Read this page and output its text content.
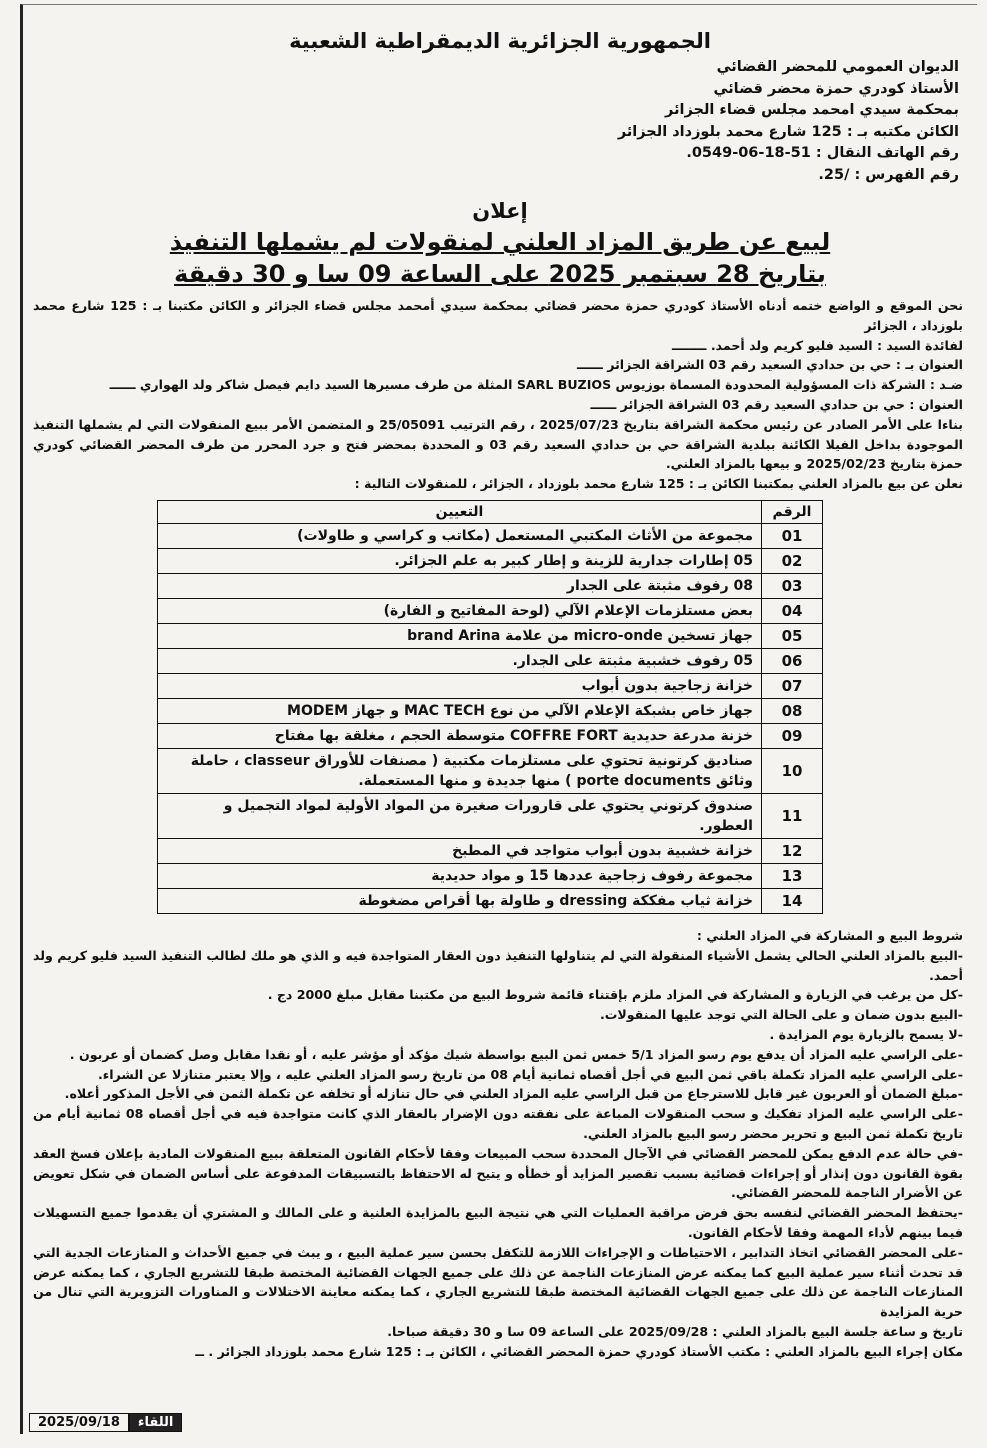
الجمهورية الجزائرية الديمقراطية الشعبية
الديوان العمومي للمحضر القضائي
الأستاذ كودري حمزة محضر قضائي
بمحكمة سيدي امحمد مجلس قضاء الجزائر
الكائن مكتبه بـ : 125 شارع محمد بلوزداد الجزائر
رقم الهاتف النقال : 51-18-06-0549.
رقم الفهرس : /25.
إعلان
لبيع عن طريق المزاد العلني لمنقولات لم يشملها التنفيذ
بتاريخ 28 سبتمبر 2025 على الساعة 09 سا و 30 دقيقة

نحن الموقع و الواضع ختمه أدناه الأستاذ كودري حمزة محضر قضائي بمحكمة سيدي أمحمد مجلس قضاء الجزائر و الكائن مكتبنا بـ : 125 شارع محمد بلوزداد ، الجزائر

لفائدة السيد : السيد فليو كريم ولد أحمد. ــــــــ

العنوان بـ : حي بن حدادي السعيد رقم 03 الشراقة الجزائر ــــــ

ضـد : الشركة ذات المسؤولية المحدودة المسماة بوزيوس SARL BUZIOS المثلة من طرف مسيرها السيد دايم فيصل شاكر ولد الهواري ــــــ

العنوان : حي بن حدادي السعيد رقم 03 الشراقة الجزائر ــــــ

بناءا على الأمر الصادر عن رئيس محكمة الشراقة بتاريخ 2025/07/23 ، رقم الترتيب 25/05091 و المتضمن الأمر ببيع المنقولات التي لم يشملها التنفيذ الموجودة بداخل الفيلا الكائنة ببلدية الشراقة حي بن حدادي السعيد رقم 03 و المحددة بمحضر فتح و جرد المحرر من طرف المحضر القضائي كودري حمزة بتاريخ 2025/02/23 و بيعها بالمزاد العلني.

نعلن عن بيع بالمزاد العلني بمكتبنا الكائن بـ : 125 شارع محمد بلوزداد ، الجزائر ، للمنقولات التالية :

الرقم	التعيين
01	مجموعة من الأثاث المكتبي المستعمل (مكاتب و كراسي و طاولات)
02	05 إطارات جدارية للزينة و إطار كبير به علم الجزائر.
03	08 رفوف مثبتة على الجدار
04	بعض مستلزمات الإعلام الآلي (لوحة المفاتيح و الفارة)
05	جهاز تسخين micro-onde من علامة brand Arina
06	05 رفوف خشبية مثبتة على الجدار.
07	خزانة زجاجية بدون أبواب
08	جهاز خاص بشبكة الإعلام الآلي من نوع MAC TECH و جهاز MODEM
09	خزنة مدرعة حديدية COFFRE FORT متوسطة الحجم ، مغلقة بها مفتاح
10	صناديق كرتونية تحتوي على مستلزمات مكتبية ( مصنفات للأوراق classeur ، حاملة وثائق porte documents ) منها جديدة و منها المستعملة.
11	صندوق كرتوني يحتوي على قارورات صغيرة من المواد الأولية لمواد التجميل و العطور.
12	خزانة خشبية بدون أبواب متواجد في المطبخ
13	مجموعة رفوف زجاجية عددها 15 و مواد حديدية
14	خزانة ثياب مفككة dressing و طاولة بها أقراص مضغوطة

شروط البيع و المشاركة في المزاد العلني :

-البيع بالمزاد العلني الحالي يشمل الأشياء المنقولة التي لم يتناولها التنفيذ دون العقار المتواجدة فيه و الذي هو ملك لطالب التنفيذ السيد فليو كريم ولد أحمد.

-كل من يرغب في الزيارة و المشاركة في المزاد ملزم بإقتناء قائمة شروط البيع من مكتبنا مقابل مبلغ 2000 دج .

-البيع بدون ضمان و على الحالة التي توجد عليها المنقولات.

-لا يسمح بالزيارة يوم المزايدة .

-على الراسي عليه المزاد أن يدفع يوم رسو المزاد 5/1 خمس ثمن البيع بواسطة شيك مؤكد أو مؤشر عليه ، أو نقدا مقابل وصل كضمان أو عربون .

-على الراسي عليه المزاد تكملة باقي ثمن البيع في أجل أقصاه ثمانية أيام 08 من تاريخ رسو المزاد العلني عليه ، وإلا يعتبر متنازلا عن الشراء.

-مبلغ الضمان أو العربون غير قابل للاسترجاع من قبل الراسي عليه المزاد العلني في حال تنازله أو تخلفه عن تكملة الثمن في الأجل المذكور أعلاه.

-على الراسي عليه المزاد تفكيك و سحب المنقولات المباعة على نفقته دون الإضرار بالعقار الذي كانت متواجدة فيه في أجل أقصاه 08 ثمانية أيام من تاريخ تكملة ثمن البيع و تحرير محضر رسو البيع بالمزاد العلني.

-في حالة عدم الدفع يمكن للمحضر القضائي في الآجال المحددة سحب المبيعات وفقا لأحكام القانون المتعلقة ببيع المنقولات المادية بإعلان فسخ العقد بقوة القانون دون إنذار أو إجراءات قضائية بسبب تقصير المزايد أو خطأه و يتيح له الاحتفاظ بالتسبيقات المدفوعة على أساس الضمان في شكل تعويض عن الأضرار الناجمة للمحضر القضائي.

-يحتفظ المحضر القضائي لنفسه بحق فرض مراقبة العمليات التي هي نتيجة البيع بالمزايدة العلنية و على المالك و المشتري أن يقدموا جميع التسهيلات فيما بينهم لأداء المهمة وفقا لأحكام القانون.

-على المحضر القضائي اتخاذ التدابير ، الاحتياطات و الإجراءات اللازمة للتكفل بحسن سير عملية البيع ، و يبث في جميع الأحداث و المنازعات الجدية التي قد تحدث أثناء سير عملية البيع كما يمكنه عرض المنازعات الناجمة عن ذلك على جميع الجهات القضائية المختصة طبقا للتشريع الجاري ، كما يمكنه عرض المنازعات الناجمة عن ذلك على جميع الجهات القضائية المختصة طبقا للتشريع الجاري ، كما يمكنه معاينة الاختلالات و المناورات التزويرية التي تنال من حرية المزايدة

تاريخ و ساعة جلسة البيع بالمزاد العلني : 2025/09/28 على الساعة 09 سا و 30 دقيقة صباحا.

مكان إجراء البيع بالمزاد العلني : مكتب الأستاذ كودري حمزة المحضر القضائي ، الكائن بـ : 125 شارع محمد بلوزداد الجزائر . ــ

2025/09/18	اللقاء
